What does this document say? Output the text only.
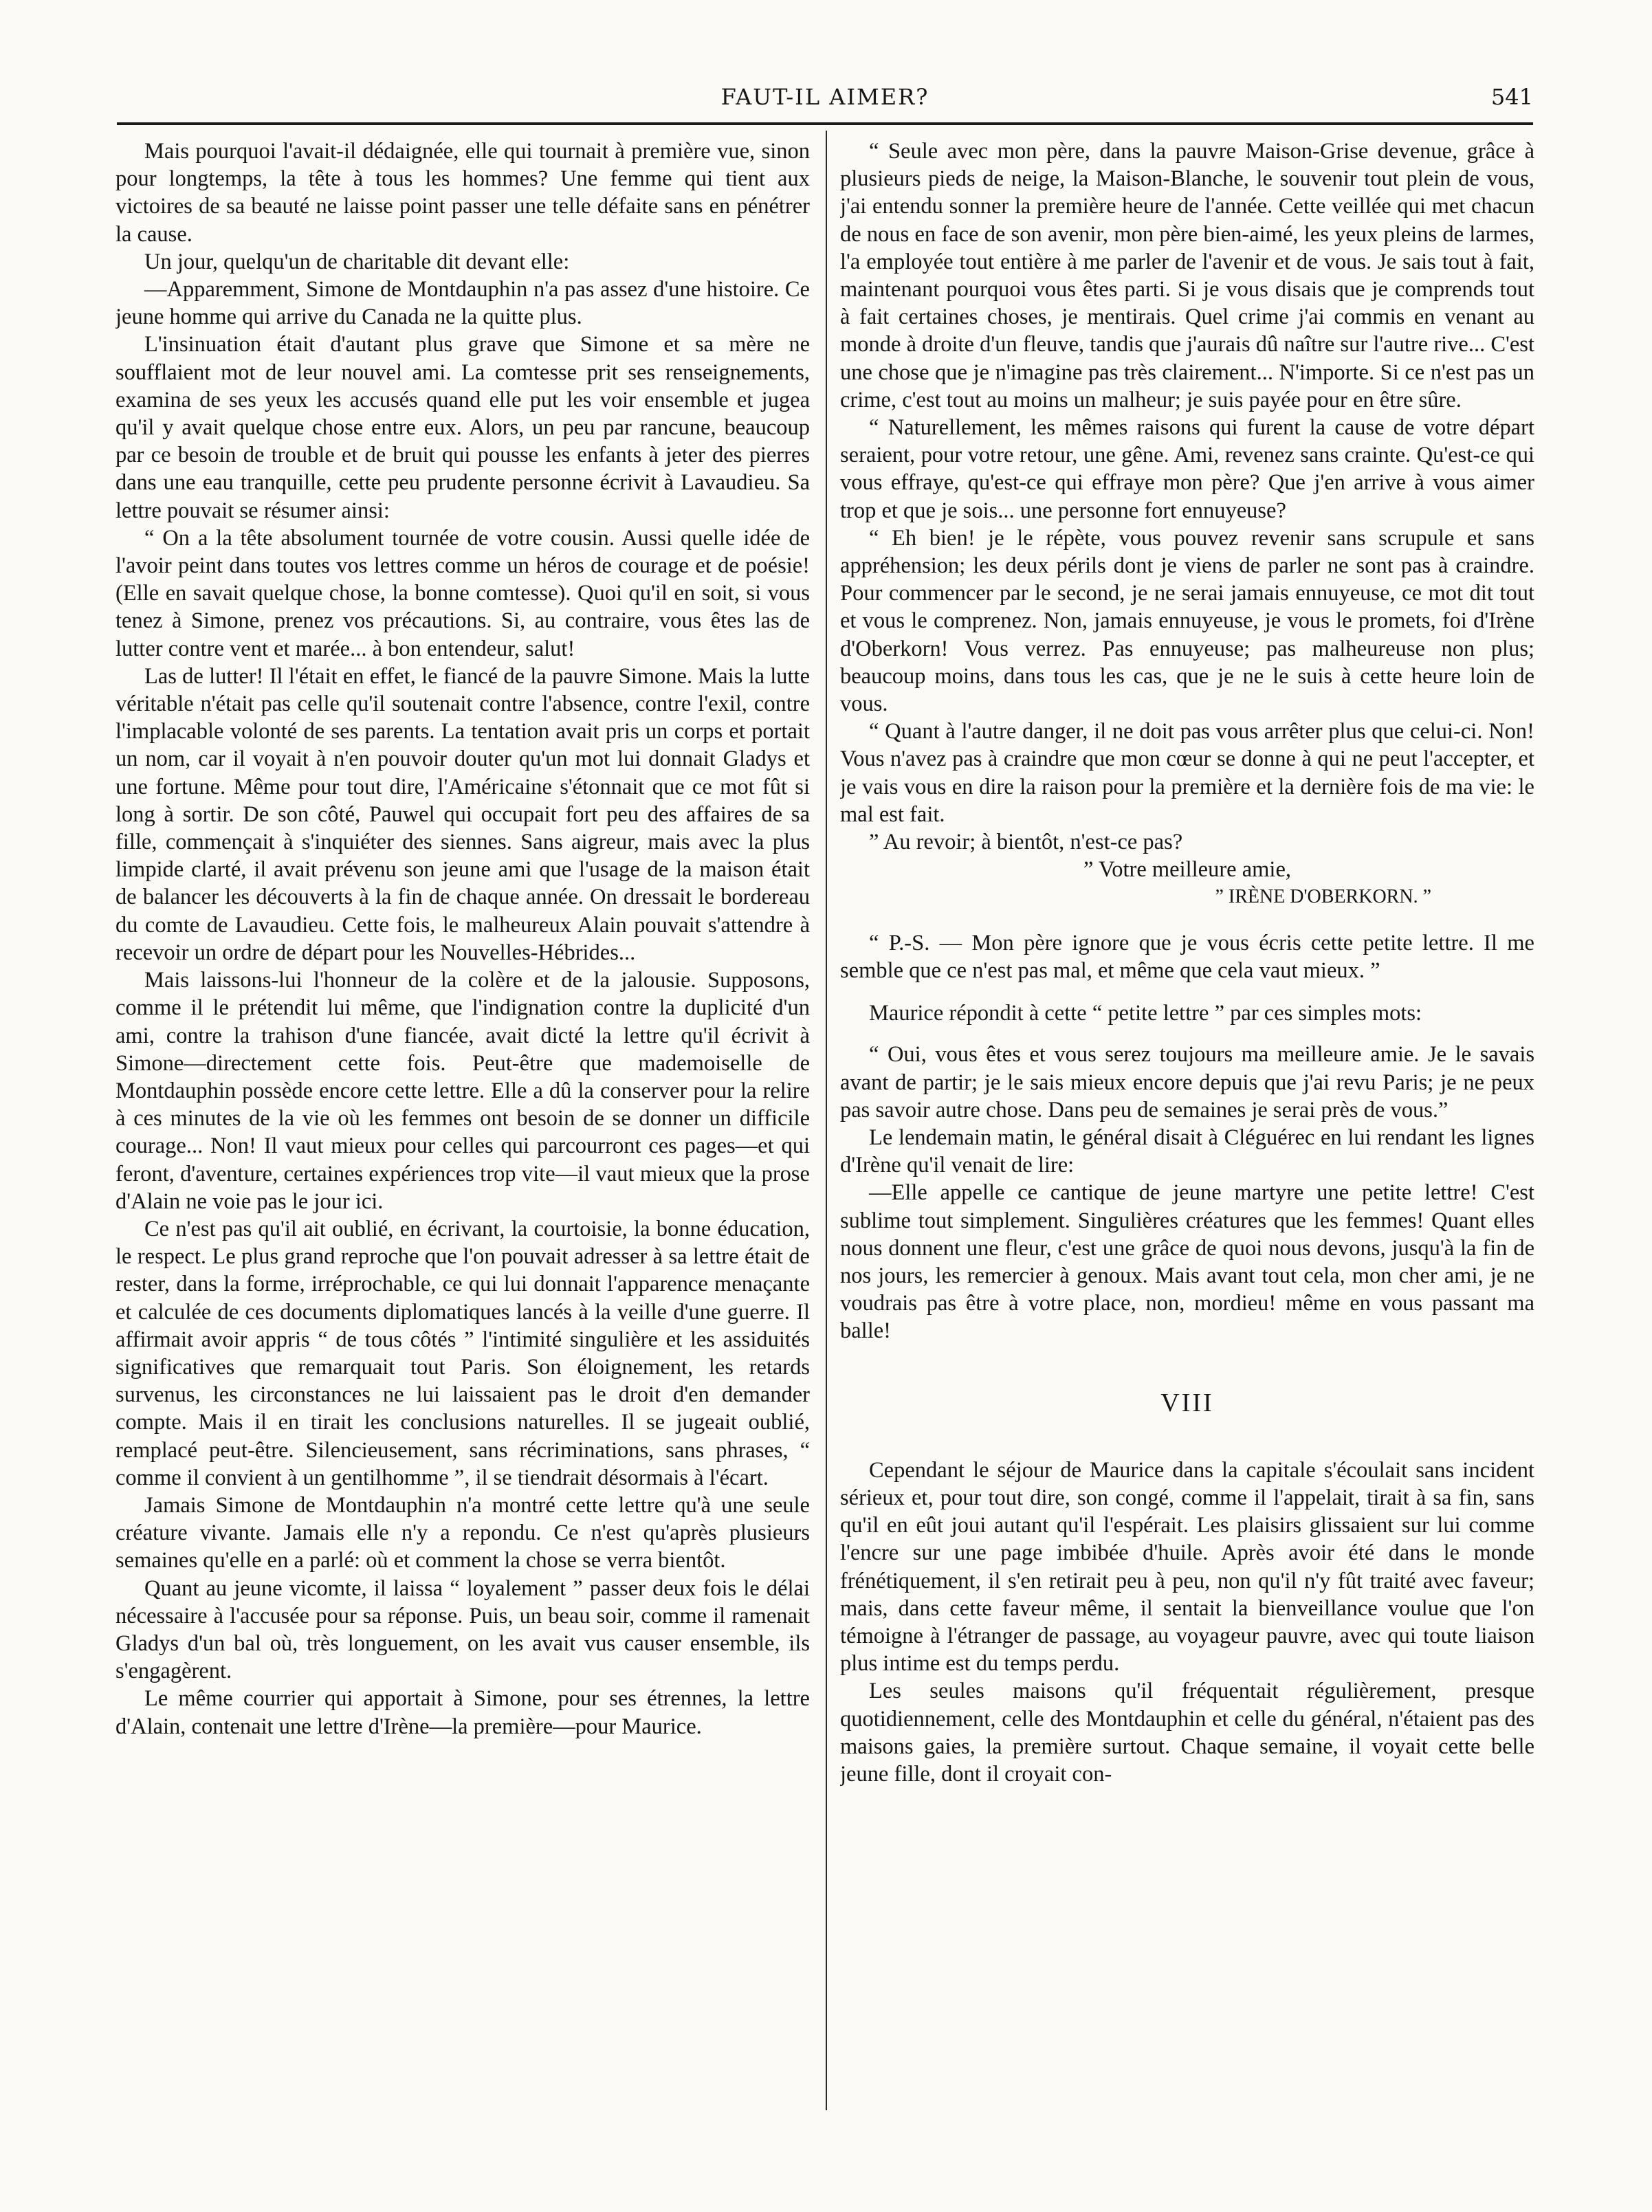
FAUT-IL AIMER?	541

Mais pourquoi l'avait-il dédaignée, elle qui tournait à première vue, sinon pour longtemps, la tête à tous les hommes? Une femme qui tient aux victoires de sa beauté ne laisse point passer une telle défaite sans en pénétrer la cause.

Un jour, quelqu'un de charitable dit devant elle:

—Apparemment, Simone de Montdauphin n'a pas assez d'une histoire. Ce jeune homme qui arrive du Canada ne la quitte plus.

L'insinuation était d'autant plus grave que Simone et sa mère ne soufflaient mot de leur nouvel ami. La comtesse prit ses renseignements, examina de ses yeux les accusés quand elle put les voir ensemble et jugea qu'il y avait quelque chose entre eux. Alors, un peu par rancune, beaucoup par ce besoin de trouble et de bruit qui pousse les enfants à jeter des pierres dans une eau tranquille, cette peu prudente personne écrivit à Lavaudieu. Sa lettre pouvait se résumer ainsi:

“ On a la tête absolument tournée de votre cousin. Aussi quelle idée de l'avoir peint dans toutes vos lettres comme un héros de courage et de poésie! (Elle en savait quelque chose, la bonne comtesse). Quoi qu'il en soit, si vous tenez à Simone, prenez vos précautions. Si, au contraire, vous êtes las de lutter contre vent et marée... à bon entendeur, salut!

Las de lutter! Il l'était en effet, le fiancé de la pauvre Simone. Mais la lutte véritable n'était pas celle qu'il soutenait contre l'absence, contre l'exil, contre l'implacable volonté de ses parents. La tentation avait pris un corps et portait un nom, car il voyait à n'en pouvoir douter qu'un mot lui donnait Gladys et une fortune. Même pour tout dire, l'Américaine s'étonnait que ce mot fût si long à sortir. De son côté, Pauwel qui occupait fort peu des affaires de sa fille, commençait à s'inquiéter des siennes. Sans aigreur, mais avec la plus limpide clarté, il avait prévenu son jeune ami que l'usage de la maison était de balancer les découverts à la fin de chaque année. On dressait le bordereau du comte de Lavaudieu. Cette fois, le malheureux Alain pouvait s'attendre à recevoir un ordre de départ pour les Nouvelles-Hébrides...

Mais laissons-lui l'honneur de la colère et de la jalousie. Supposons, comme il le prétendit lui même, que l'indignation contre la duplicité d'un ami, contre la trahison d'une fiancée, avait dicté la lettre qu'il écrivit à Simone—directement cette fois. Peut-être que mademoiselle de Montdauphin possède encore cette lettre. Elle a dû la conserver pour la relire à ces minutes de la vie où les femmes ont besoin de se donner un difficile courage... Non! Il vaut mieux pour celles qui parcourront ces pages—et qui feront, d'aventure, certaines expériences trop vite—il vaut mieux que la prose d'Alain ne voie pas le jour ici.

Ce n'est pas qu'il ait oublié, en écrivant, la courtoisie, la bonne éducation, le respect. Le plus grand reproche que l'on pouvait adresser à sa lettre était de rester, dans la forme, irréprochable, ce qui lui donnait l'apparence menaçante et calculée de ces documents diplomatiques lancés à la veille d'une guerre. Il affirmait avoir appris “ de tous côtés ” l'intimité singulière et les assiduités significatives que remarquait tout Paris. Son éloignement, les retards survenus, les circonstances ne lui laissaient pas le droit d'en demander compte. Mais il en tirait les conclusions naturelles. Il se jugeait oublié, remplacé peut-être. Silencieusement, sans récriminations, sans phrases, “ comme il convient à un gentilhomme ”, il se tiendrait désormais à l'écart.

Jamais Simone de Montdauphin n'a montré cette lettre qu'à une seule créature vivante. Jamais elle n'y a repondu. Ce n'est qu'après plusieurs semaines qu'elle en a parlé: où et comment la chose se verra bientôt.

Quant au jeune vicomte, il laissa “ loyalement ” passer deux fois le délai nécessaire à l'accusée pour sa réponse. Puis, un beau soir, comme il ramenait Gladys d'un bal où, très longuement, on les avait vus causer ensemble, ils s'engagèrent.

Le même courrier qui apportait à Simone, pour ses étrennes, la lettre d'Alain, contenait une lettre d'Irène—la première—pour Maurice.

“ Seule avec mon père, dans la pauvre Maison-Grise devenue, grâce à plusieurs pieds de neige, la Maison-Blanche, le souvenir tout plein de vous, j'ai entendu sonner la première heure de l'année. Cette veillée qui met chacun de nous en face de son avenir, mon père bien-aimé, les yeux pleins de larmes, l'a employée tout entière à me parler de l'avenir et de vous. Je sais tout à fait, maintenant pourquoi vous êtes parti. Si je vous disais que je comprends tout à fait certaines choses, je mentirais. Quel crime j'ai commis en venant au monde à droite d'un fleuve, tandis que j'aurais dû naître sur l'autre rive... C'est une chose que je n'imagine pas très clairement... N'importe. Si ce n'est pas un crime, c'est tout au moins un malheur; je suis payée pour en être sûre.

“ Naturellement, les mêmes raisons qui furent la cause de votre départ seraient, pour votre retour, une gêne. Ami, revenez sans crainte. Qu'est-ce qui vous effraye, qu'est-ce qui effraye mon père? Que j'en arrive à vous aimer trop et que je sois... une personne fort ennuyeuse?

“ Eh bien! je le répète, vous pouvez revenir sans scrupule et sans appréhension; les deux périls dont je viens de parler ne sont pas à craindre. Pour commencer par le second, je ne serai jamais ennuyeuse, ce mot dit tout et vous le comprenez. Non, jamais ennuyeuse, je vous le promets, foi d'Irène d'Oberkorn! Vous verrez. Pas ennuyeuse; pas malheureuse non plus; beaucoup moins, dans tous les cas, que je ne le suis à cette heure loin de vous.

“ Quant à l'autre danger, il ne doit pas vous arrêter plus que celui-ci. Non! Vous n'avez pas à craindre que mon cœur se donne à qui ne peut l'accepter, et je vais vous en dire la raison pour la première et la dernière fois de ma vie: le mal est fait.

” Au revoir; à bientôt, n'est-ce pas?

” Votre meilleure amie,

” IRÈNE D'OBERKORN. ”

“ P.-S. — Mon père ignore que je vous écris cette petite lettre. Il me semble que ce n'est pas mal, et même que cela vaut mieux. ”

Maurice répondit à cette “ petite lettre ” par ces simples mots:

“ Oui, vous êtes et vous serez toujours ma meilleure amie. Je le savais avant de partir; je le sais mieux encore depuis que j'ai revu Paris; je ne peux pas savoir autre chose. Dans peu de semaines je serai près de vous.”

Le lendemain matin, le général disait à Cléguérec en lui rendant les lignes d'Irène qu'il venait de lire:

—Elle appelle ce cantique de jeune martyre une petite lettre! C'est sublime tout simplement. Singulières créatures que les femmes! Quant elles nous donnent une fleur, c'est une grâce de quoi nous devons, jusqu'à la fin de nos jours, les remercier à genoux. Mais avant tout cela, mon cher ami, je ne voudrais pas être à votre place, non, mordieu! même en vous passant ma balle!

VIII

Cependant le séjour de Maurice dans la capitale s'écoulait sans incident sérieux et, pour tout dire, son congé, comme il l'appelait, tirait à sa fin, sans qu'il en eût joui autant qu'il l'espérait. Les plaisirs glissaient sur lui comme l'encre sur une page imbibée d'huile. Après avoir été dans le monde frénétiquement, il s'en retirait peu à peu, non qu'il n'y fût traité avec faveur; mais, dans cette faveur même, il sentait la bienveillance voulue que l'on témoigne à l'étranger de passage, au voyageur pauvre, avec qui toute liaison plus intime est du temps perdu.

Les seules maisons qu'il fréquentait régulièrement, presque quotidiennement, celle des Montdauphin et celle du général, n'étaient pas des maisons gaies, la première surtout. Chaque semaine, il voyait cette belle jeune fille, dont il croyait con-
